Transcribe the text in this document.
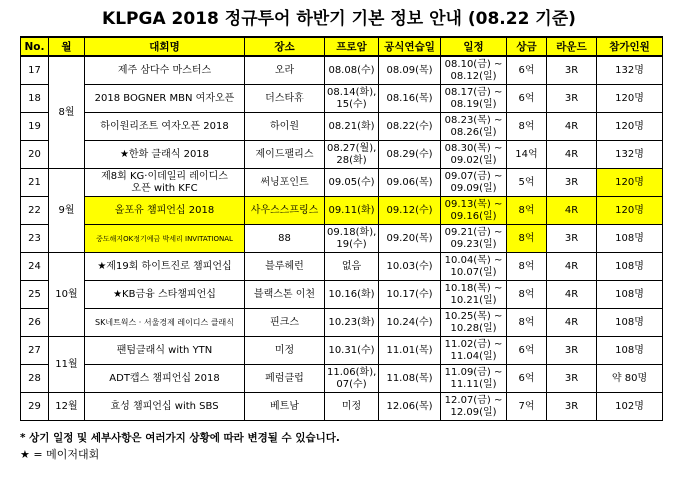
KLPGA 2018 정규투어 하반기 기본 정보 안내 (08.22 기준)
No.	월	대회명	장소	프로암	공식연습일	일정	상금	라운드	참가인원
17	8월	제주 삼다수 마스터스	오라	08.08(수)	08.09(목)	08.10(금) ~
08.12(일)	6억	3R	132명
18		2018 BOGNER MBN 여자오픈	더스타휴	08.14(화),
15(수)	08.16(목)	08.17(금) ~
08.19(일)	6억	3R	120명
19		하이원리조트 여자오픈 2018	하이원	08.21(화)	08.22(수)	08.23(목) ~
08.26(일)	8억	4R	120명
20		★한화 클래식 2018	제이드팰리스	08.27(월),
28(화)	08.29(수)	08.30(목) ~
09.02(일)	14억	4R	132명
21	9월	제8회 KG·이데일리 레이디스
오픈 with KFC	써닝포인트	09.05(수)	09.06(목)	09.07(금) ~
09.09(일)	5억	3R	120명
22		올포유 챔피언십 2018	사우스스프링스	09.11(화)	09.12(수)	09.13(목) ~
09.16(일)	8억	4R	120명
23		중도해지OK정기예금 박세리 INVITATIONAL	88	09.18(화),
19(수)	09.20(목)	09.21(금) ~
09.23(일)	8억	3R	108명
24	10월	★제19회 하이트진로 챔피언십	블루헤런	없음	10.03(수)	10.04(목) ~
10.07(일)	8억	4R	108명
25		★KB금융 스타챔피언십	블랙스톤 이천	10.16(화)	10.17(수)	10.18(목) ~
10.21(일)	8억	4R	108명
26		SK네트웍스 · 서울경제 레이디스 클래식	핀크스	10.23(화)	10.24(수)	10.25(목) ~
10.28(일)	8억	4R	108명
27	11월	팬텀클래식 with YTN	미정	10.31(수)	11.01(목)	11.02(금) ~
11.04(일)	6억	3R	108명
28		ADT캡스 챔피언십 2018	페럼클럽	11.06(화),
07(수)	11.08(목)	11.09(금) ~
11.11(일)	6억	3R	약 80명
29	12월	효성 챔피언십 with SBS	베트남	미정	12.06(목)	12.07(금) ~
12.09(일)	7억	3R	102명
* 상기 일정 및 세부사항은 여러가지 상황에 따라 변경될 수 있습니다.
★ = 메이저대회
